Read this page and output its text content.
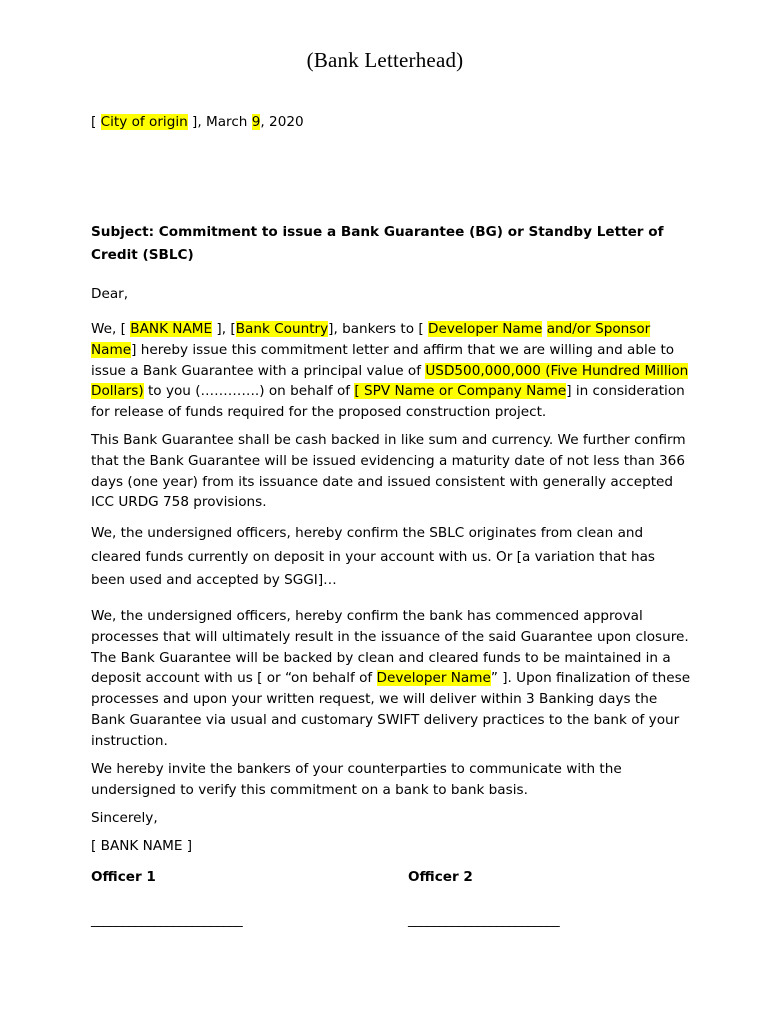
(Bank Letterhead)
[ City of origin ], March 9, 2020

Subject: Commitment to issue a Bank Guarantee (BG) or Standby Letter of Credit (SBLC)

Dear,

We, [ BANK NAME ], [Bank Country], bankers to [ Developer Name and/or Sponsor Name] hereby issue this commitment letter and affirm that we are willing and able to issue a Bank Guarantee with a principal value of USD500,000,000 (Five Hundred Million Dollars) to you (………….) on behalf of [ SPV Name or Company Name] in consideration for release of funds required for the proposed construction project.

This Bank Guarantee shall be cash backed in like sum and currency. We further confirm that the Bank Guarantee will be issued evidencing a maturity date of not less than 366 days (one year) from its issuance date and issued consistent with generally accepted ICC URDG 758 provisions.

We, the undersigned officers, hereby confirm the SBLC originates from clean and cleared funds currently on deposit in your account with us. Or [a variation that has been used and accepted by SGGI]…

We, the undersigned officers, hereby confirm the bank has commenced approval processes that will ultimately result in the issuance of the said Guarantee upon closure. The Bank Guarantee will be backed by clean and cleared funds to be maintained in a deposit account with us [ or “on behalf of Developer Name” ]. Upon finalization of these processes and upon your written request, we will deliver within 3 Banking days the Bank Guarantee via usual and customary SWIFT delivery practices to the bank of your instruction.

We hereby invite the bankers of your counterparties to communicate with the undersigned to verify this commitment on a bank to bank basis.

Sincerely,

[ BANK NAME ]

Officer 1	Officer 2
________________________	________________________
